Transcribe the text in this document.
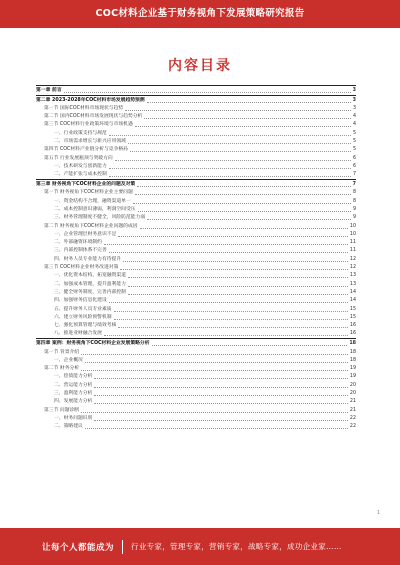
COC材料企业基于财务视角下发展策略研究报告
内容目录
第一章 前言	3
第二章 2023-2028年COC材料市场发展趋势预测	3
第一节 国际COC材料市场现状与趋势	3
第二节 国内COC材料市场发展现状与趋势分析	4
第三节 COC材料行业政策环境与市场机遇	4
一、行业政策支持与规范	5
二、市场需求增长与新兴应用领域	5
第四节 COC材料产业链分析与竞争格局	5
第五节 行业发展瓶颈与突破方向	6
一、技术研发与创新能力	6
二、产能扩张与成本控制	7
第三章 财务视角下COC材料企业的问题及对策	7
第一节 财务视角下COC材料企业主要问题	8
一、资金结构不合理，融资渠道单一	8
二、成本控制意识薄弱，利润空间受压	9
三、财务管理制度不健全，风险防范能力弱	9
第二节 财务视角下COC材料企业问题的成因	10
一、企业管理层财务意识不足	10
二、外部融资环境制约	11
三、内部控制体系不完善	11
四、财务人员专业能力有待提升	12
第三节 COC材料企业财务改进对策	12
一、优化资本结构，拓宽融资渠道	13
二、加强成本管理，提升盈利能力	13
三、健全财务制度，完善内部控制	14
四、加强财务信息化建设	14
五、提升财务人员专业素质	15
六、建立财务风险预警机制	15
七、强化预算管理与绩效考核	16
八、推进业财融合发展	16
第四章 案例：财务视角下COC材料企业发展策略分析	18
第一节 背景介绍	18
一、企业概况	18
第二节 财务分析	19
一、偿债能力分析	19
二、营运能力分析	20
三、盈利能力分析	20
四、发展能力分析	21
第三节 问题诊断	21
一、财务问题识别	22
二、策略建议	22
1
让每个人都能成为 行业专家，管理专家，营销专家，战略专家，成功企业家……
